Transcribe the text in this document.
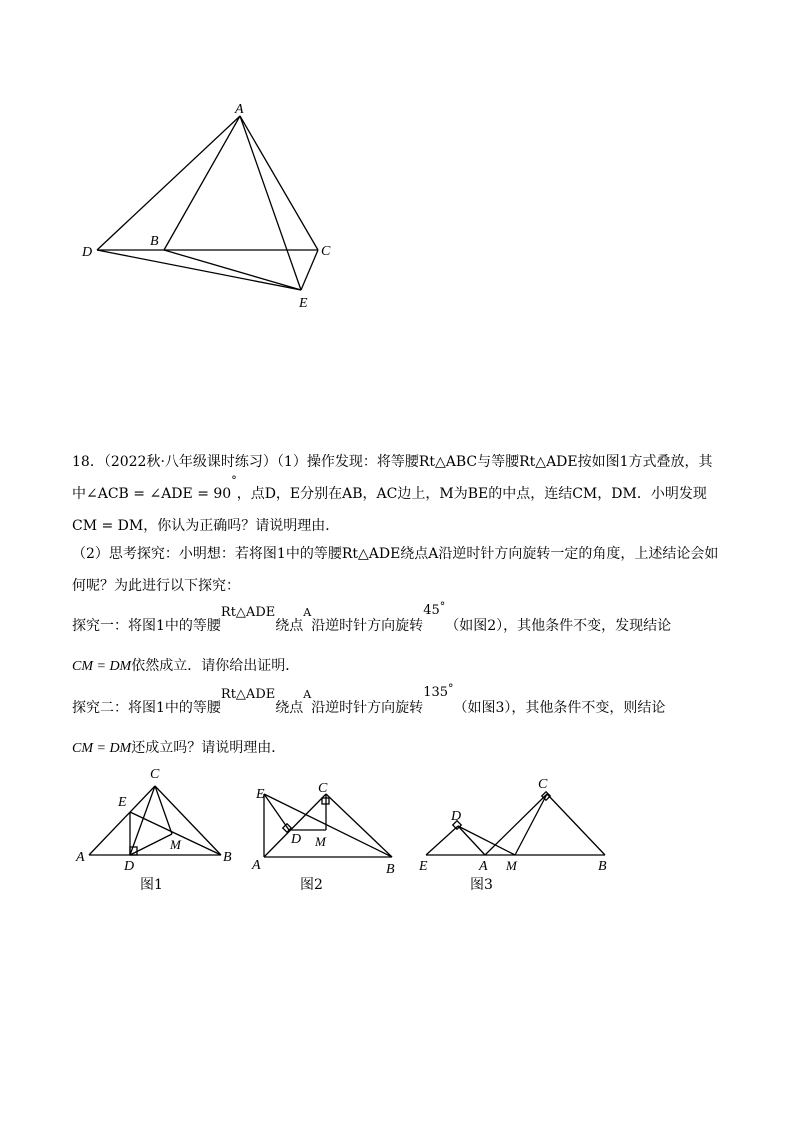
A
B
C
D
E
18．（2022秋·八年级课时练习）（1）操作发现：将等腰Rt△ABC与等腰Rt△ADE按如图1方式叠放，其
中∠ACB = ∠ADE = 90°，点D，E分别在AB，AC边上，M为BE的中点，连结CM，DM．小明发现
CM = DM，你认为正确吗？请说明理由．
（2）思考探究：小明想：若将图1中的等腰Rt△ADE绕点A沿逆时针方向旋转一定的角度，上述结论会如
何呢？为此进行以下探究：
探究一：将图1中的等腰Rt△ADE绕点$^A$沿逆时针方向旋转45°（如图2），其他条件不变，发现结论
CM = DM依然成立．请你给出证明．
探究二：将图1中的等腰Rt△ADE绕点$^A$沿逆时针方向旋转135°（如图3），其他条件不变，则结论
CM = DM还成立吗？请说明理由．
C
E
M
A
D
B
E	C
D M
A	B
D
C
E	A M	B
图1	图2	图3
